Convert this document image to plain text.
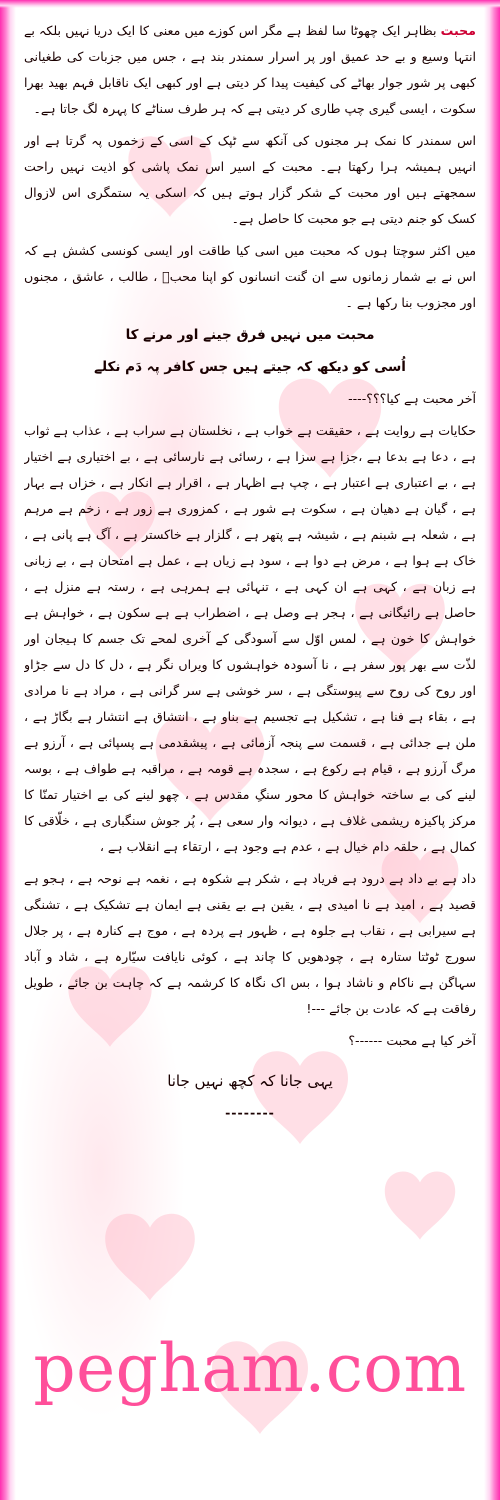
محبت بظاہر ایک چھوٹا سا لفظ ہے مگر اس کوزے میں معنی کا ایک دریا نہیں بلکہ بے انتہا وسیع و بے حد عمیق اور پر اسرار سمندر بند ہے ، جس میں جزبات کی طغیانی کبھی پر شور جوار بھاٹے کی کیفیت پیدا کر دیتی ہے اور کبھی ایک ناقابل فہم بھید بھرا سکوت ، ایسی گیری چپ طاری کر دیتی ہے کہ ہر طرف سناٹے کا پہرہ لگ جاتا ہے۔

اس سمندر کا نمک ہر مجنوں کی آنکھ سے ٹپک کے اسی کے زخموں پہ گرتا ہے اور انہیں ہمیشہ ہرا رکھتا ہے۔ محبت کے اسیر اس نمک پاشی کو اذیت نہیں راحت سمجھتے ہیں اور محبت کے شکر گزار ہوتے ہیں کہ اسکی یہ ستمگری اس لازوال کسک کو جنم دیتی ہے جو محبت کا حاصل ہے۔

میں اکثر سوچتا ہوں کہ محبت میں اسی کیا طاقت اور ایسی کونسی کشش ہے کہ اس نے بے شمار زمانوں سے ان گنت انسانوں کو اپنا محبؔ ، طالب ، عاشق ، مجنوں اور مجزوب بنا رکھا ہے ۔

محبت میں نہیں فرق جینے اور مرنے کا

اُسی کو دیکھ کہ جیتے ہیں جس کافر پہ دَم نکلے

آخر محبت ہے کیا؟؟؟----

حکایات ہے روایت ہے ، حقیقت ہے خواب ہے ، نخلستان ہے سراب ہے ، عذاب ہے ثواب ہے ، دعا ہے بدعا ہے ،جزا ہے سزا ہے ، رسائی ہے نارسائی ہے ، بے اختیاری ہے اختیار ہے ، بے اعتباری ہے اعتبار ہے ، چپ ہے اظہار ہے ، اقرار ہے انکار ہے ، خزاں ہے بہار ہے ، گیان ہے دھیان ہے ، سکوت ہے شور ہے ، کمزوری ہے زور ہے ، زخم ہے مرہم ہے ، شعلہ ہے شبنم ہے ، شیشہ ہے پتھر ہے ، گلزار ہے خاکستر ہے ، آگ ہے پانی ہے ، خاک ہے ہوا ہے ، مرض ہے دوا ہے ، سود ہے زیاں ہے ، عمل ہے امتحان ہے ، بے زبانی ہے زبان ہے ، کہی ہے ان کہی ہے ، تنہائی ہے ہمرہی ہے ، رستہ ہے منزل ہے ، حاصل ہے رائیگانی ہے ، ہجر ہے وصل ہے ، اضطراب ہے ہے سکون ہے ، خواہش ہے خواہش کا خون ہے ، لمس اوّل سے آسودگی کے آخری لمحے تک جسم کا ہیجان اور لذّت سے بھر پور سفر ہے ، نا آسودہ خواہشوں کا ویراں نگر ہے ، دل کا دل سے جڑاو اور روح کی روح سے پیوستگی ہے ، سر خوشی ہے سر گرانی ہے ، مراد ہے نا مرادی ہے ، بقاء ہے فنا ہے ، تشکیل ہے تجسیم ہے بناو ہے ، انتشاق ہے انتشار ہے بگاڑ ہے ، ملن ہے جدائی ہے ، قسمت سے پنجہ آزمائی ہے ، پیشقدمی ہے پسپائی ہے ، آرزو ہے مرگ آرزو ہے ، قیام ہے رکوع ہے ، سجدہ ہے قومہ ہے ، مراقبہ ہے طواف ہے ، بوسہ لینے کی بے ساختہ خواہش کا محور سنگِ مقدس ہے ، چھو لینے کی بے اختیار تمنّا کا مرکز پاکیزہ ریشمی غلاف ہے ، دیوانہ وار سعی ہے ، پُر جوش سنگباری ہے ، خلّاقی کا کمال ہے ، حلقہ دام خیال ہے ، عدم ہے وجود ہے ، ارتقاء ہے انقلاب ہے ،

داد ہے بے داد ہے درود ہے فریاد ہے ، شکر ہے شکوہ ہے ، نغمہ ہے نوحہ ہے ، ہجو ہے قصید ہے ، امید ہے نا امیدی ہے ، یقین ہے بے یقنی ہے ایمان ہے تشکیک ہے ، تشنگی ہے سیرابی ہے ، نقاب ہے جلوہ ہے ، ظہور ہے پردہ ہے ، موج ہے کنارہ ہے ، پر جلال سورج ٹوٹتا ستارہ ہے ، چودھویں کا چاند ہے ، کوئی نایافت سیّارہ ہے ، شاد و آباد سہاگن ہے ناکام و ناشاد ہوا ، بس اک نگاہ کا کرشمہ ہے کہ چاہت بن جائے ، طویل رفاقت ہے کہ عادت بن جائے ---!

آخر کیا ہے محبت ------؟

یہی جانا کہ کچھ نہیں جانا

--------

pegham.com
